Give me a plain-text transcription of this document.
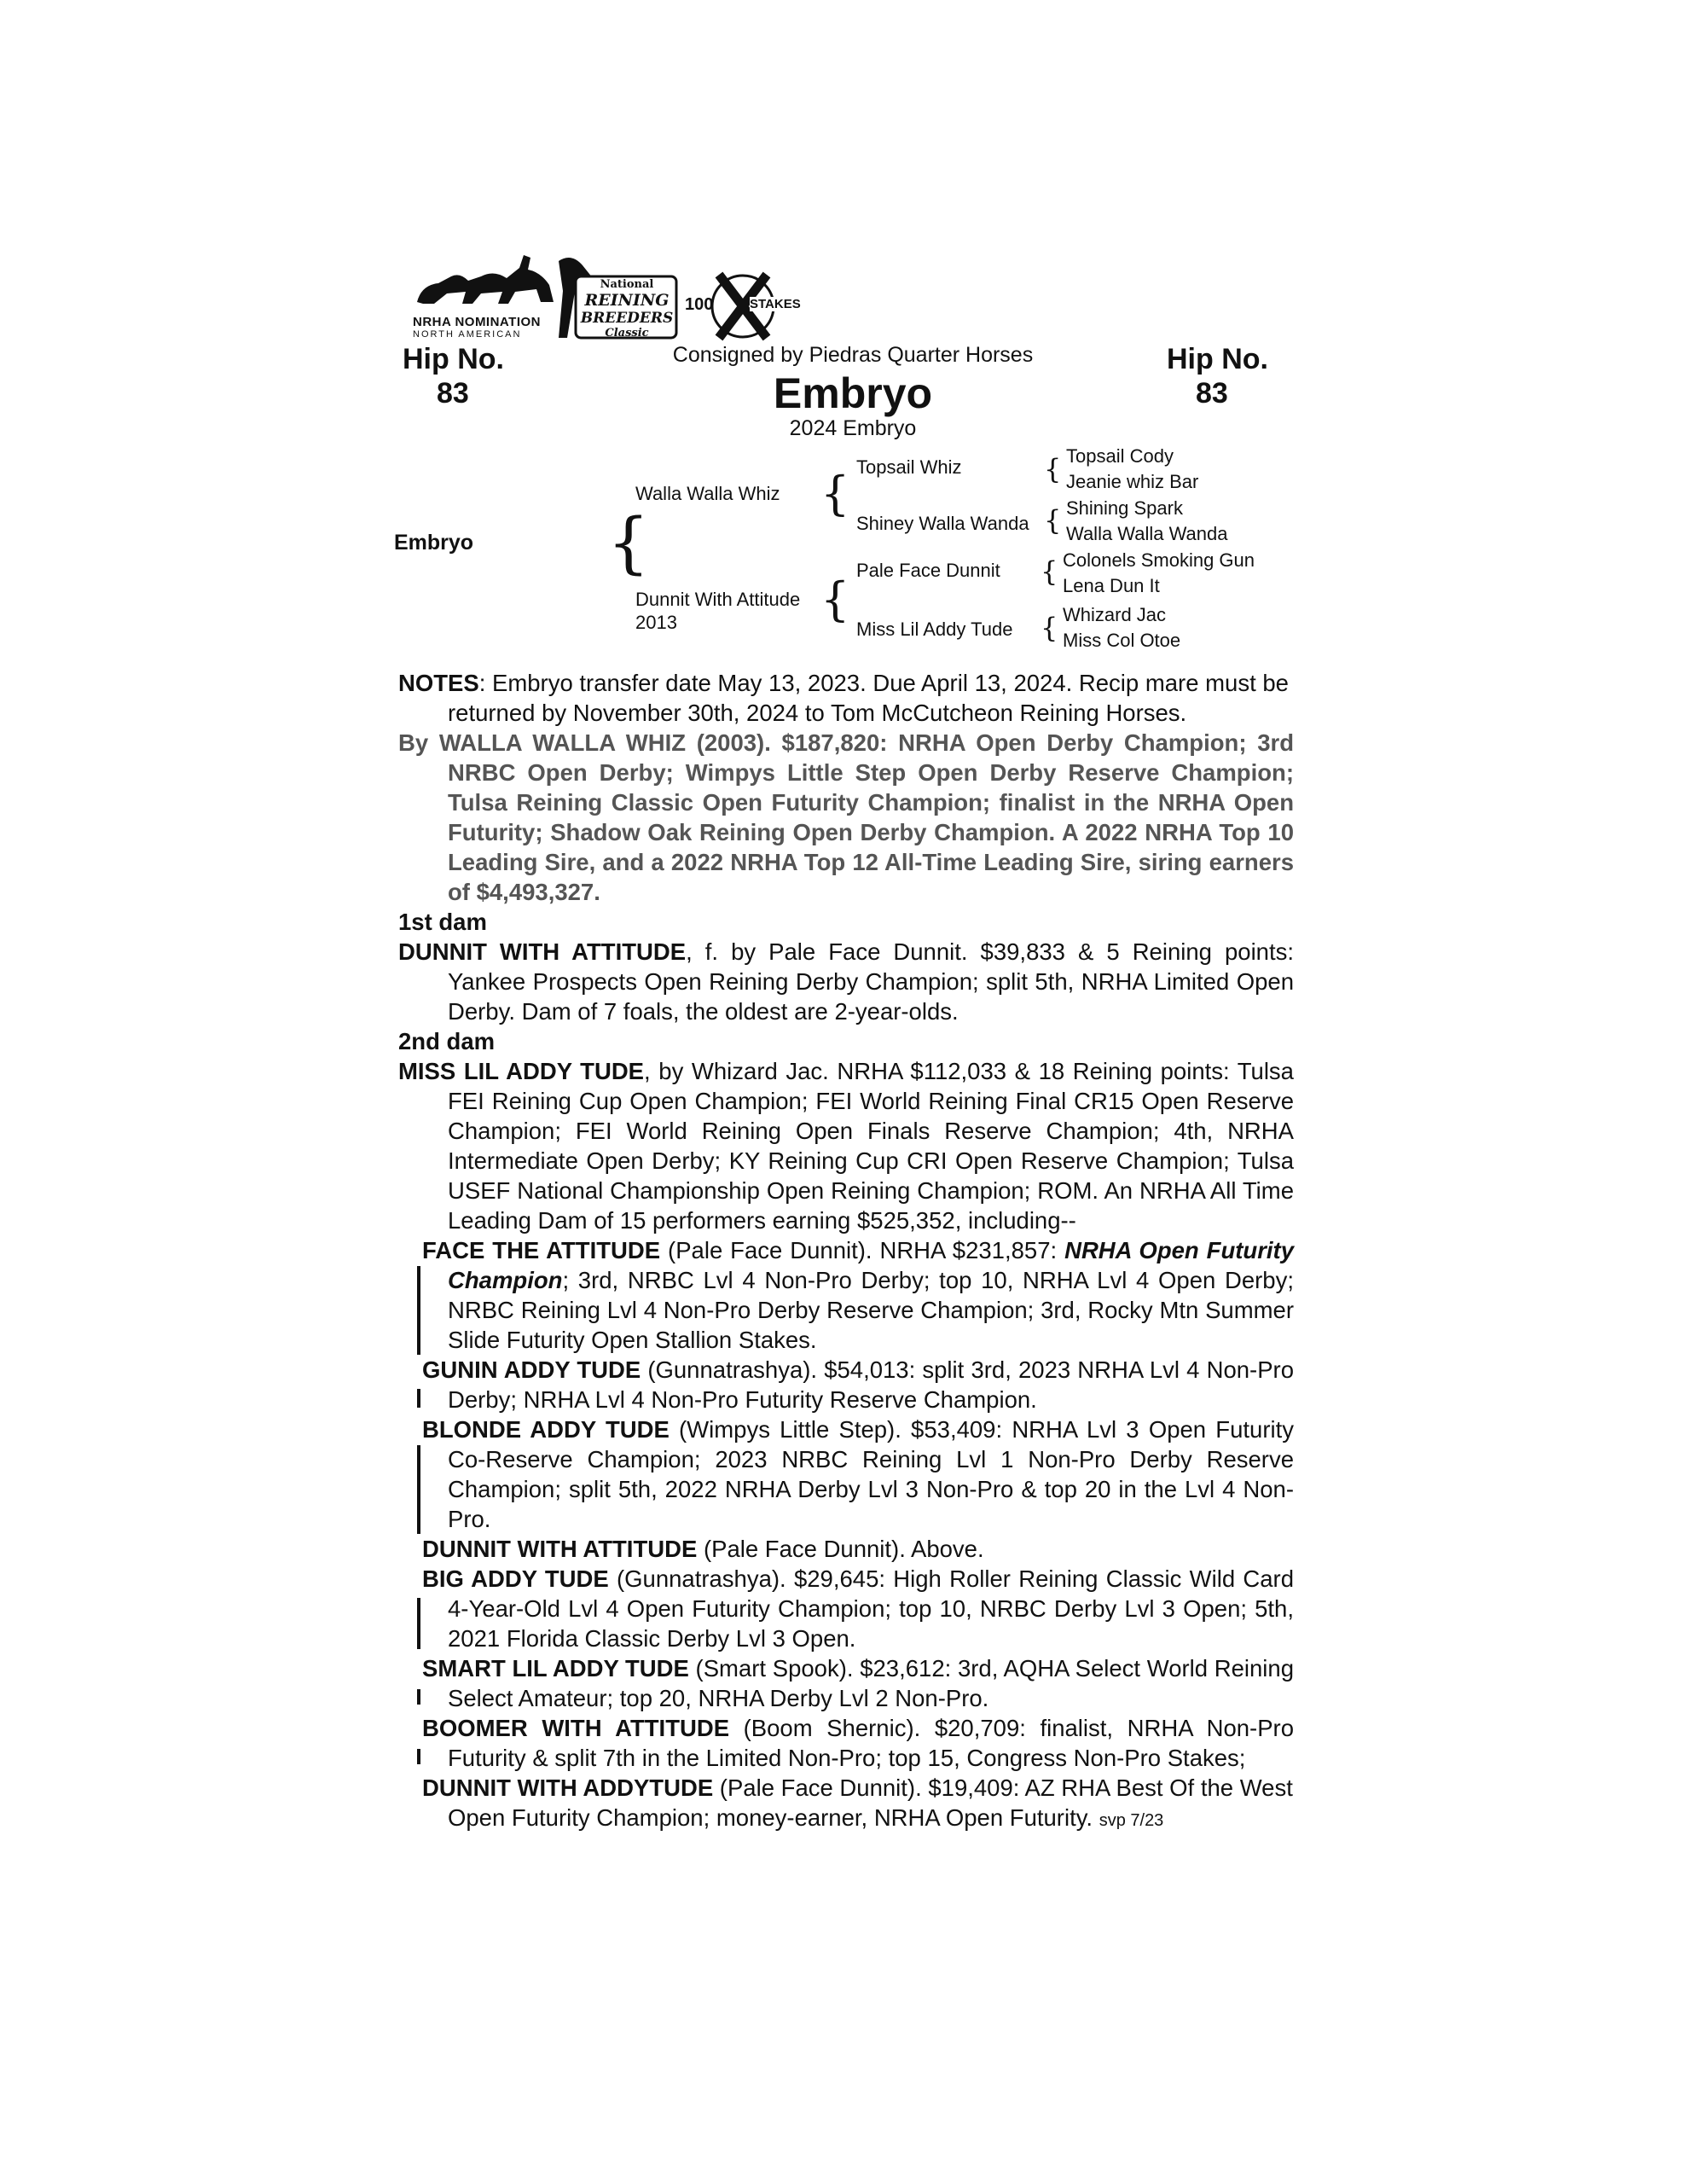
NRHA NOMINATION
NORTH AMERICAN
National
REINING
BREEDERS
Classic
100	STAKES
Hip No.
83
Hip No.
83
Consigned by Piedras Quarter Horses
Embryo
2024 Embryo
Embryo {
Walla Walla Whiz
Dunnit With Attitude
2013
{
{
Topsail Whiz
Shiney Walla Wanda
Pale Face Dunnit
Miss Lil Addy Tude
{
{
{
{
Topsail Cody
Jeanie whiz Bar
Shining Spark
Walla Walla Wanda
Colonels Smoking Gun
Lena Dun It
Whizard Jac
Miss Col Otoe

NOTES: Embryo transfer date May 13, 2023. Due April 13, 2024. Recip mare must be returned by November 30th, 2024 to Tom McCutcheon Reining Horses.

By WALLA WALLA WHIZ (2003). $187,820: NRHA Open Derby Champion; 3rd NRBC Open Derby; Wimpys Little Step Open Derby Reserve Champion; Tulsa Reining Classic Open Futurity Champion; finalist in the NRHA Open Futurity; Shadow Oak Reining Open Derby Champion. A 2022 NRHA Top 10 Leading Sire, and a 2022 NRHA Top 12 All-Time Leading Sire, siring earners of $4,493,327.

1st dam

DUNNIT WITH ATTITUDE, f. by Pale Face Dunnit. $39,833 & 5 Reining points: Yankee Prospects Open Reining Derby Champion; split 5th, NRHA Limited Open Derby. Dam of 7 foals, the oldest are 2-year-olds.

2nd dam

MISS LIL ADDY TUDE, by Whizard Jac. NRHA $112,033 & 18 Reining points: Tulsa FEI Reining Cup Open Champion; FEI World Reining Final CR15 Open Reserve Champion; FEI World Reining Open Finals Reserve Champion; 4th, NRHA Intermediate Open Derby; KY Reining Cup CRI Open Reserve Champion; Tulsa USEF National Championship Open Reining Champion; ROM. An NRHA All Time Leading Dam of 15 performers earning $525,352, including--

FACE THE ATTITUDE (Pale Face Dunnit). NRHA $231,857: NRHA Open Futurity Champion; 3rd, NRBC Lvl 4 Non-Pro Derby; top 10, NRHA Lvl 4 Open Derby; NRBC Reining Lvl 4 Non-Pro Derby Reserve Champion; 3rd, Rocky Mtn Summer Slide Futurity Open Stallion Stakes.

GUNIN ADDY TUDE (Gunnatrashya). $54,013: split 3rd, 2023 NRHA Lvl 4 Non-Pro Derby; NRHA Lvl 4 Non-Pro Futurity Reserve Champion.

BLONDE ADDY TUDE (Wimpys Little Step). $53,409: NRHA Lvl 3 Open Futurity Co-Reserve Champion; 2023 NRBC Reining Lvl 1 Non-Pro Derby Reserve Champion; split 5th, 2022 NRHA Derby Lvl 3 Non-Pro & top 20 in the Lvl 4 Non-Pro.

DUNNIT WITH ATTITUDE (Pale Face Dunnit). Above.

BIG ADDY TUDE (Gunnatrashya). $29,645: High Roller Reining Classic Wild Card 4-Year-Old Lvl 4 Open Futurity Champion; top 10, NRBC Derby Lvl 3 Open; 5th, 2021 Florida Classic Derby Lvl 3 Open.

SMART LIL ADDY TUDE (Smart Spook). $23,612: 3rd, AQHA Select World Reining Select Amateur; top 20, NRHA Derby Lvl 2 Non-Pro.

BOOMER WITH ATTITUDE (Boom Shernic). $20,709: finalist, NRHA Non-Pro Futurity & split 7th in the Limited Non-Pro; top 15, Congress Non-Pro Stakes;

DUNNIT WITH ADDYTUDE (Pale Face Dunnit). $19,409: AZ RHA Best Of the West Open Futurity Champion; money-earner, NRHA Open Futurity. svp 7/23
